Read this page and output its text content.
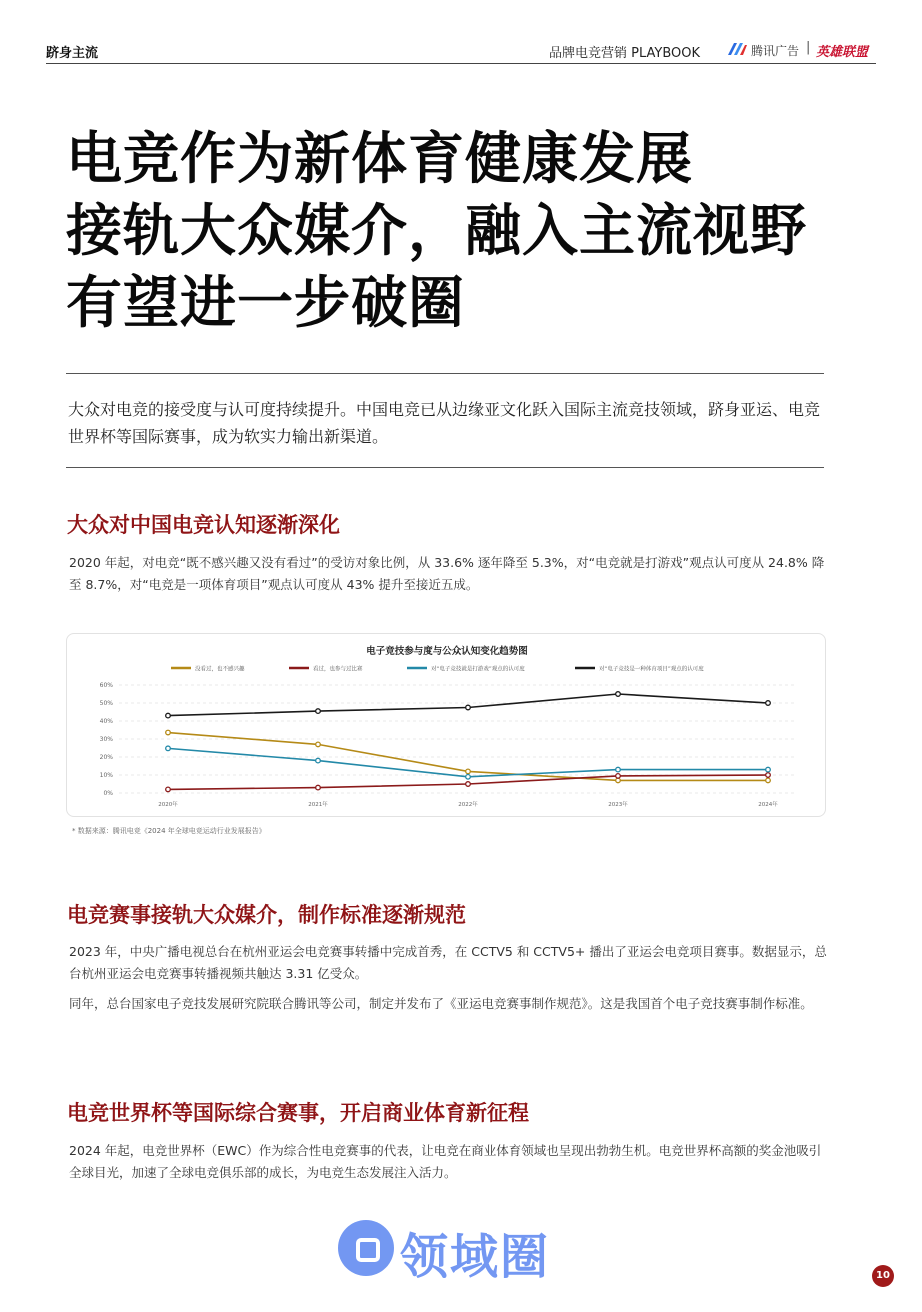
跻身主流	品牌电竞营销 PLAYBOOK	腾讯广告 | 英雄联盟
电竞作为新体育健康发展
接轨大众媒介，融入主流视野
有望进一步破圈
大众对电竞的接受度与认可度持续提升。中国电竞已从边缘亚文化跃入国际主流竞技领域，跻身亚运、电竞世界杯等国际赛事，成为软实力输出新渠道。
大众对中国电竞认知逐渐深化
2020 年起，对电竞“既不感兴趣又没有看过”的受访对象比例，从 33.6% 逐年降至 5.3%，对“电竞就是打游戏”观点认可度从 24.8% 降至 8.7%，对“电竞是一项体育项目”观点认可度从 43% 提升至接近五成。
电子竞技参与度与公众认知变化趋势图
没看过，也不感兴趣	看过，也参与过比赛	对“电子竞技就是打游戏”观点的认可度	对“电子竞技是一种体育项目”观点的认可度
0%
10%
20%
30%
40%
50%
60%
2020年	2021年	2022年	2023年	2024年
* 数据来源：腾讯电竞《2024 年全球电竞运动行业发展报告》
电竞赛事接轨大众媒介，制作标准逐渐规范
2023 年，中央广播电视总台在杭州亚运会电竞赛事转播中完成首秀，在 CCTV5 和 CCTV5+ 播出了亚运会电竞项目赛事。数据显示，总台杭州亚运会电竞赛事转播视频共触达 3.31 亿受众。
同年，总台国家电子竞技发展研究院联合腾讯等公司，制定并发布了《亚运电竞赛事制作规范》。这是我国首个电子竞技赛事制作标准。
电竞世界杯等国际综合赛事，开启商业体育新征程
2024 年起，电竞世界杯（EWC）作为综合性电竞赛事的代表，让电竞在商业体育领域也呈现出勃勃生机。电竞世界杯高额的奖金池吸引全球目光，加速了全球电竞俱乐部的成长，为电竞生态发展注入活力。
领域圈	10
